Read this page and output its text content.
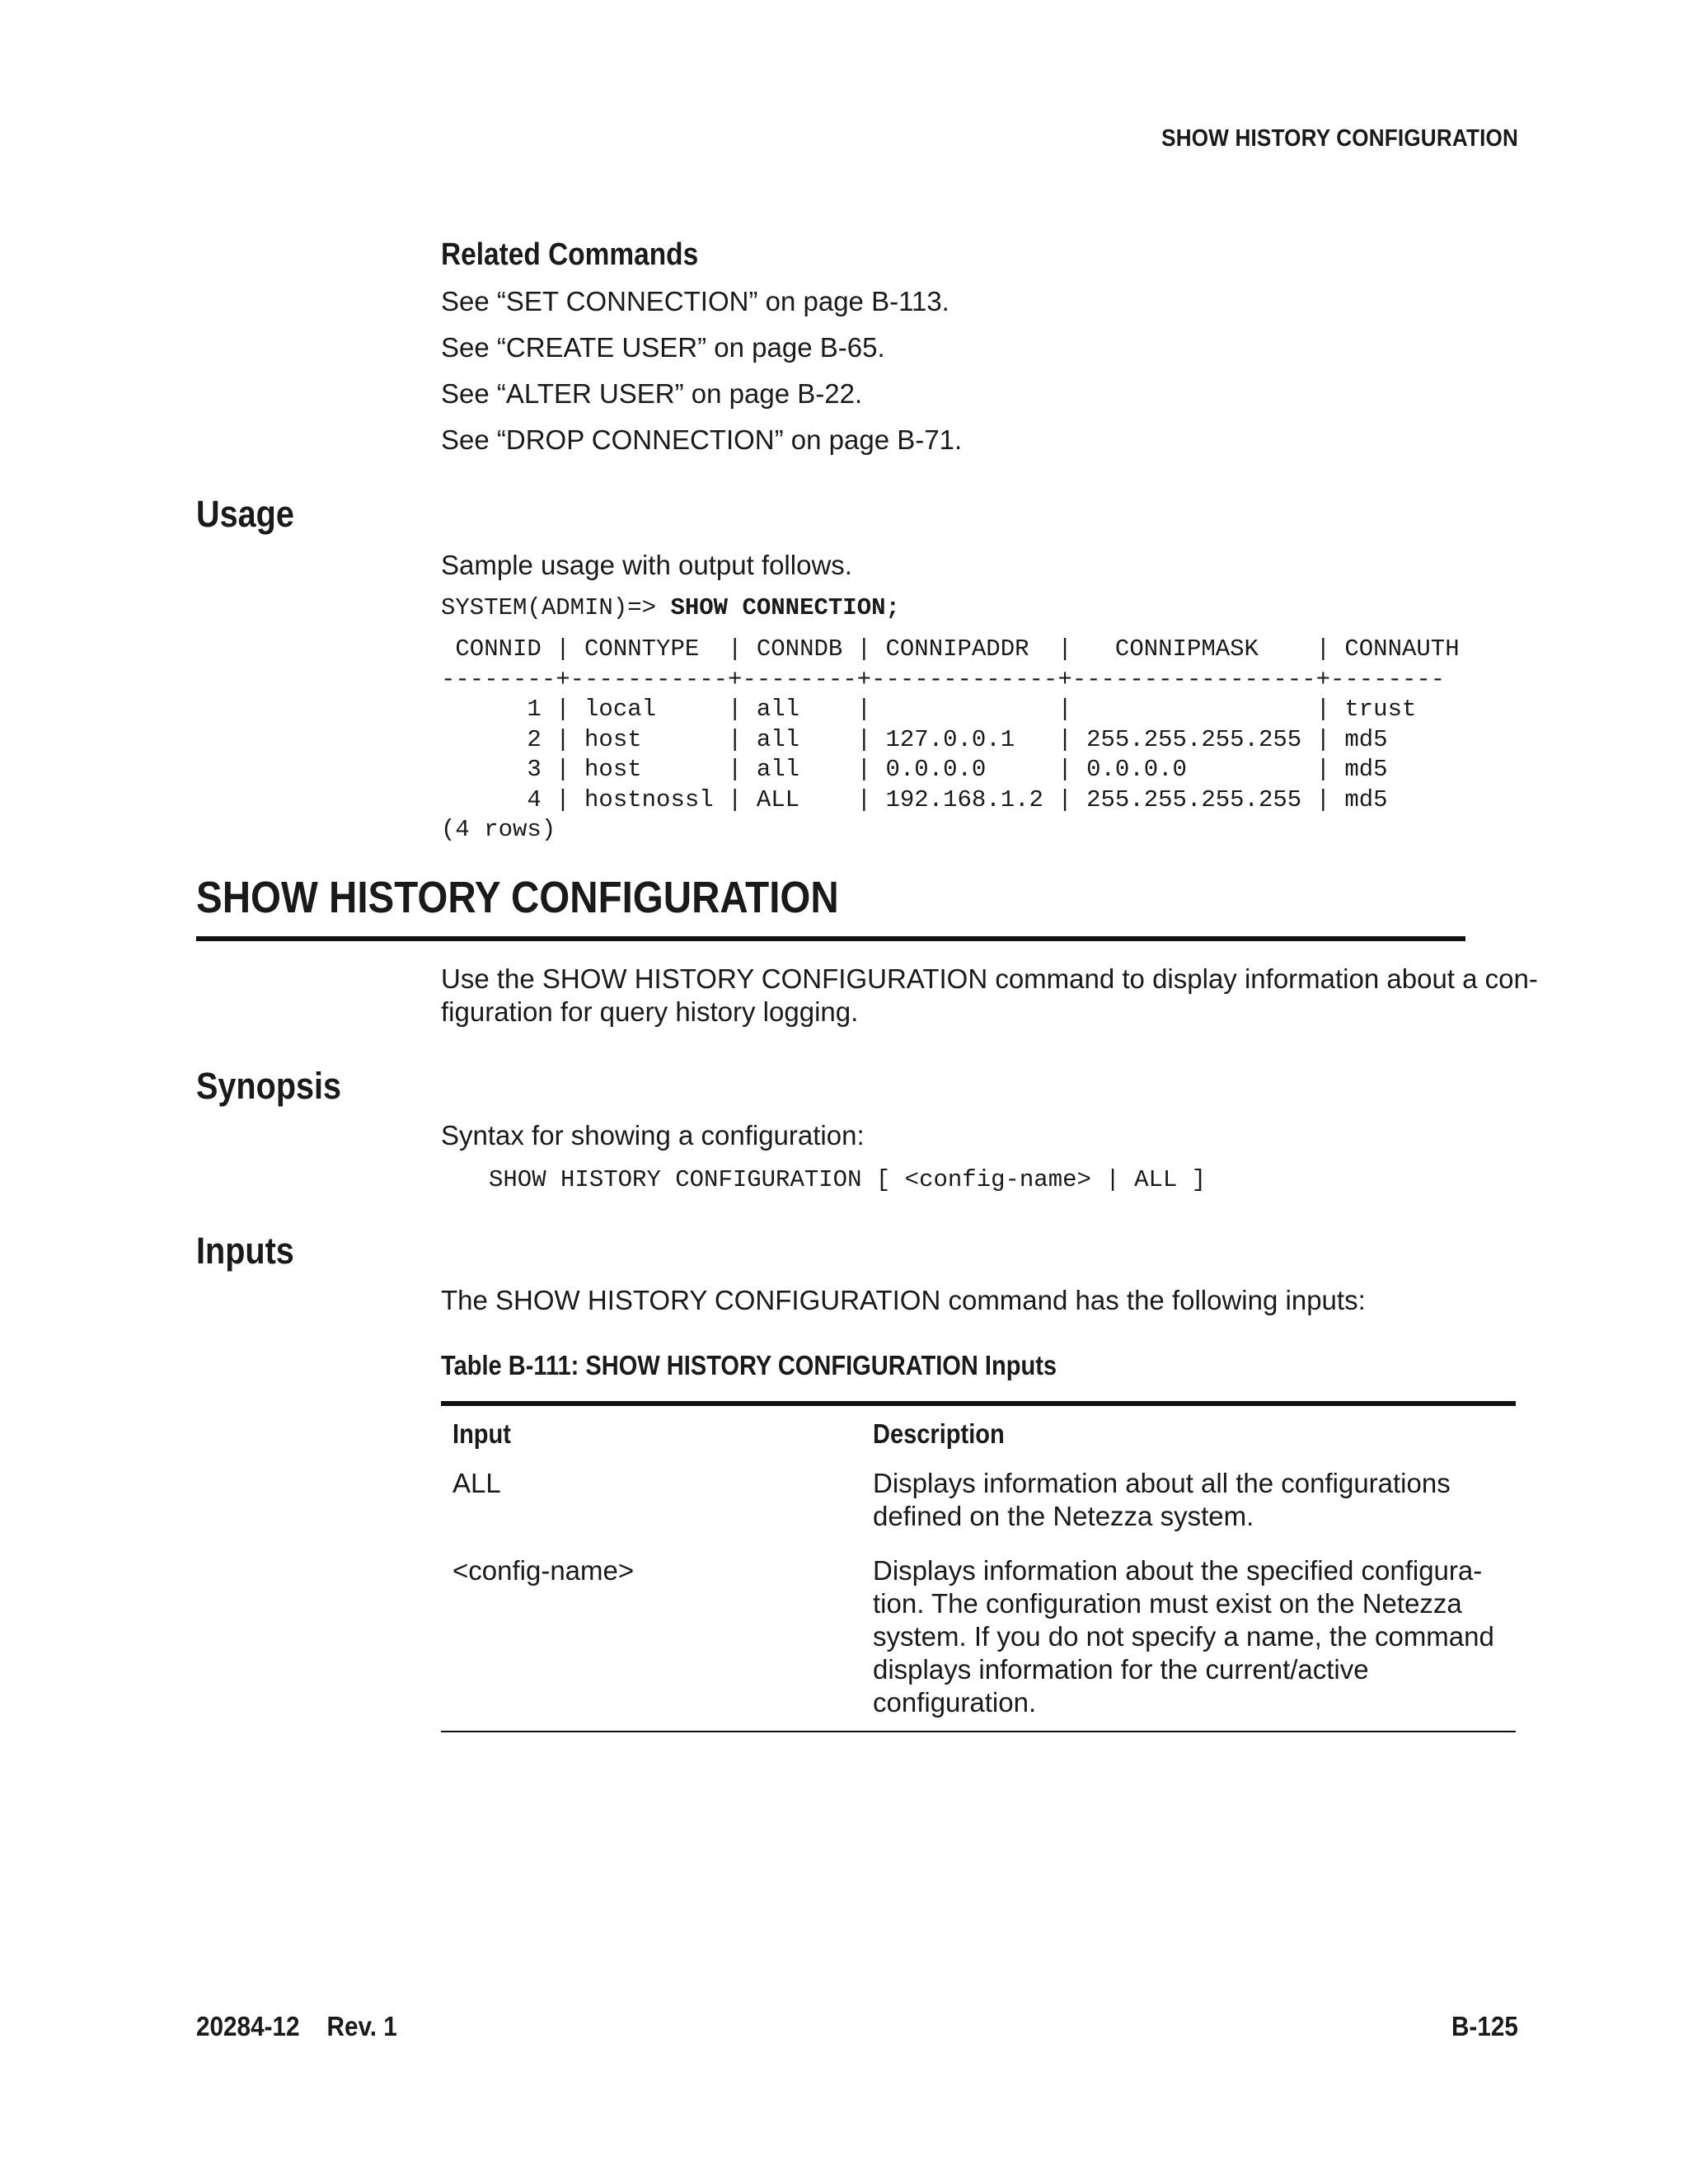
SHOW HISTORY CONFIGURATION
Related Commands
See “SET CONNECTION” on page B-113.
See “CREATE USER” on page B-65.
See “ALTER USER” on page B-22.
See “DROP CONNECTION” on page B-71.
Usage
Sample usage with output follows.
SYSTEM(ADMIN)=> SHOW CONNECTION;
CONNID | CONNTYPE  | CONNDB | CONNIPADDR  |   CONNIPMASK    | CONNAUTH
--------+-----------+--------+-------------+-----------------+--------
1 | local     | all    |             |                 | trust
2 | host      | all    | 127.0.0.1   | 255.255.255.255 | md5
3 | host      | all    | 0.0.0.0     | 0.0.0.0         | md5
4 | hostnossl | ALL    | 192.168.1.2 | 255.255.255.255 | md5
(4 rows)
SHOW HISTORY CONFIGURATION
Use the SHOW HISTORY CONFIGURATION command to display information about a con-
figuration for query history logging.
Synopsis
Syntax for showing a configuration:
SHOW HISTORY CONFIGURATION [ <config-name> | ALL ]
Inputs
The SHOW HISTORY CONFIGURATION command has the following inputs:
Table B-111: SHOW HISTORY CONFIGURATION Inputs
Input	Description
ALL	Displays information about all the configurations defined on the Netezza system.
<config-name>	Displays information about the specified configura-tion. The configuration must exist on the Netezza system. If you do not specify a name, the command displays information for the current/active configuration.
20284-12    Rev. 1	B-125
